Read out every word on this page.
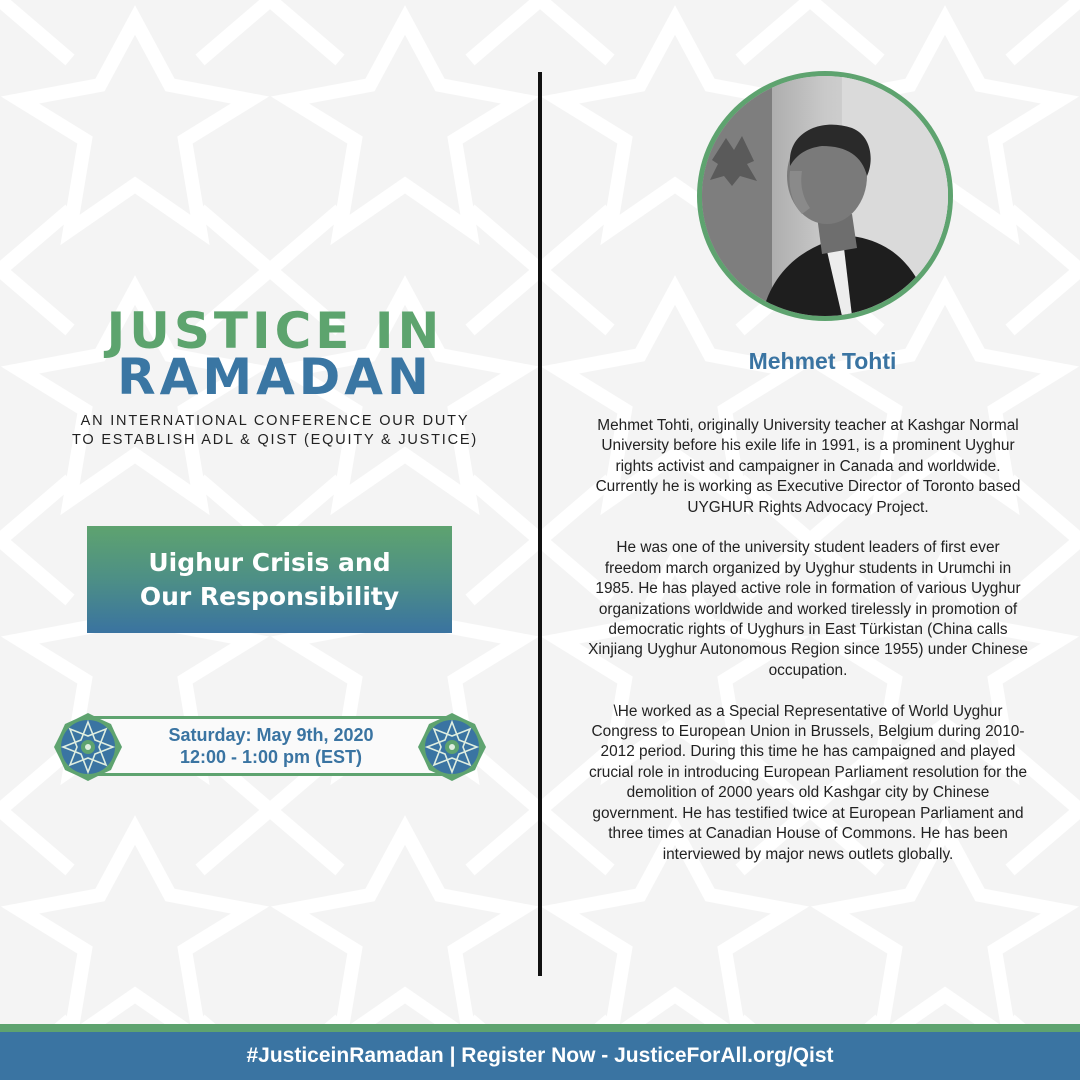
JUSTICE IN
RAMADAN
AN INTERNATIONAL CONFERENCE OUR DUTY
TO ESTABLISH ADL & QIST (EQUITY & JUSTICE)
Uighur Crisis and
Our Responsibility
Saturday: May 9th, 2020
12:00 - 1:00 pm (EST)
Mehmet Tohti

Mehmet Tohti, originally University teacher at Kashgar Normal University before his exile life in 1991, is a prominent Uyghur rights activist and campaigner in Canada and worldwide. Currently he is working as Executive Director of Toronto based UYGHUR Rights Advocacy Project.

He was one of the university student leaders of first ever freedom march organized by Uyghur students in Urumchi in 1985. He has played active role in formation of various Uyghur organizations worldwide and worked tirelessly in promotion of democratic rights of Uyghurs in East Türkistan (China calls Xinjiang Uyghur Autonomous Region since 1955) under Chinese occupation.

\He worked as a Special Representative of World Uyghur Congress to European Union in Brussels, Belgium during 2010-2012 period. During this time he has campaigned and played crucial role in introducing European Parliament resolution for the demolition of 2000 years old Kashgar city by Chinese government. He has testified twice at European Parliament and three times at Canadian House of Commons. He has been interviewed by major news outlets globally.

#JusticeinRamadan | Register Now - JusticeForAll.org/Qist
